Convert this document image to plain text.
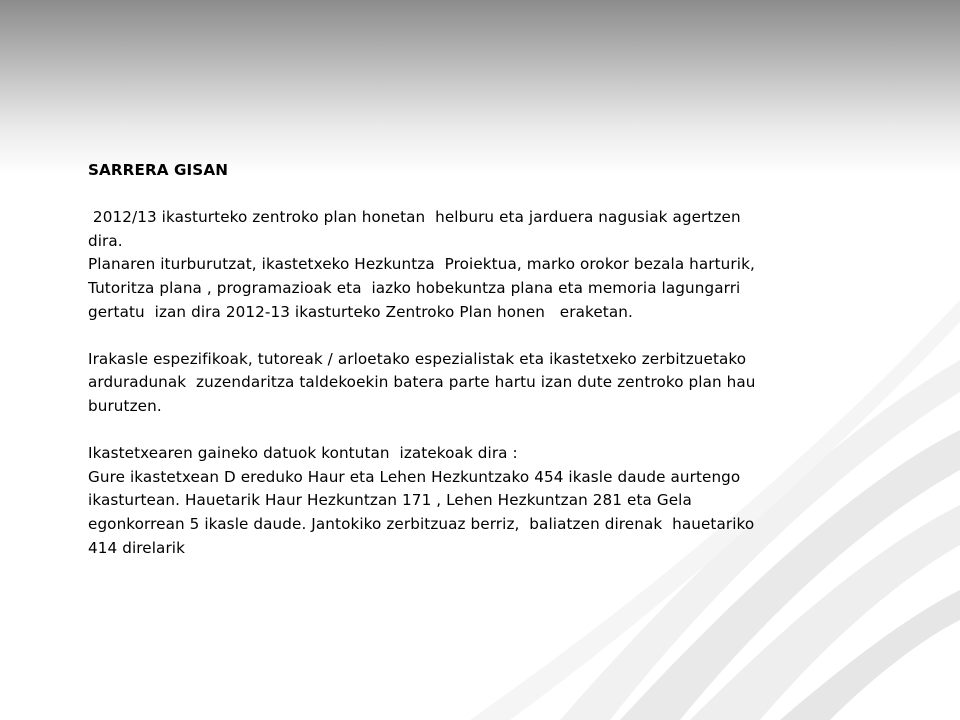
SARRERA GISAN
2012/13 ikasturteko zentroko plan honetan  helburu eta jarduera nagusiak agertzen
dira.
Planaren iturburutzat, ikastetxeko Hezkuntza  Proiektua, marko orokor bezala harturik,
Tutoritza plana , programazioak eta  iazko hobekuntza plana eta memoria lagungarri
gertatu  izan dira 2012-13 ikasturteko Zentroko Plan honen   eraketan.
Irakasle espezifikoak, tutoreak / arloetako espezialistak eta ikastetxeko zerbitzuetako
arduradunak  zuzendaritza taldekoekin batera parte hartu izan dute zentroko plan hau
burutzen.
Ikastetxearen gaineko datuok kontutan  izatekoak dira :
Gure ikastetxean D ereduko Haur eta Lehen Hezkuntzako 454 ikasle daude aurtengo
ikasturtean. Hauetarik Haur Hezkuntzan 171 , Lehen Hezkuntzan 281 eta Gela
egonkorrean 5 ikasle daude. Jantokiko zerbitzuaz berriz,  baliatzen direnak  hauetariko
414 direlarik
